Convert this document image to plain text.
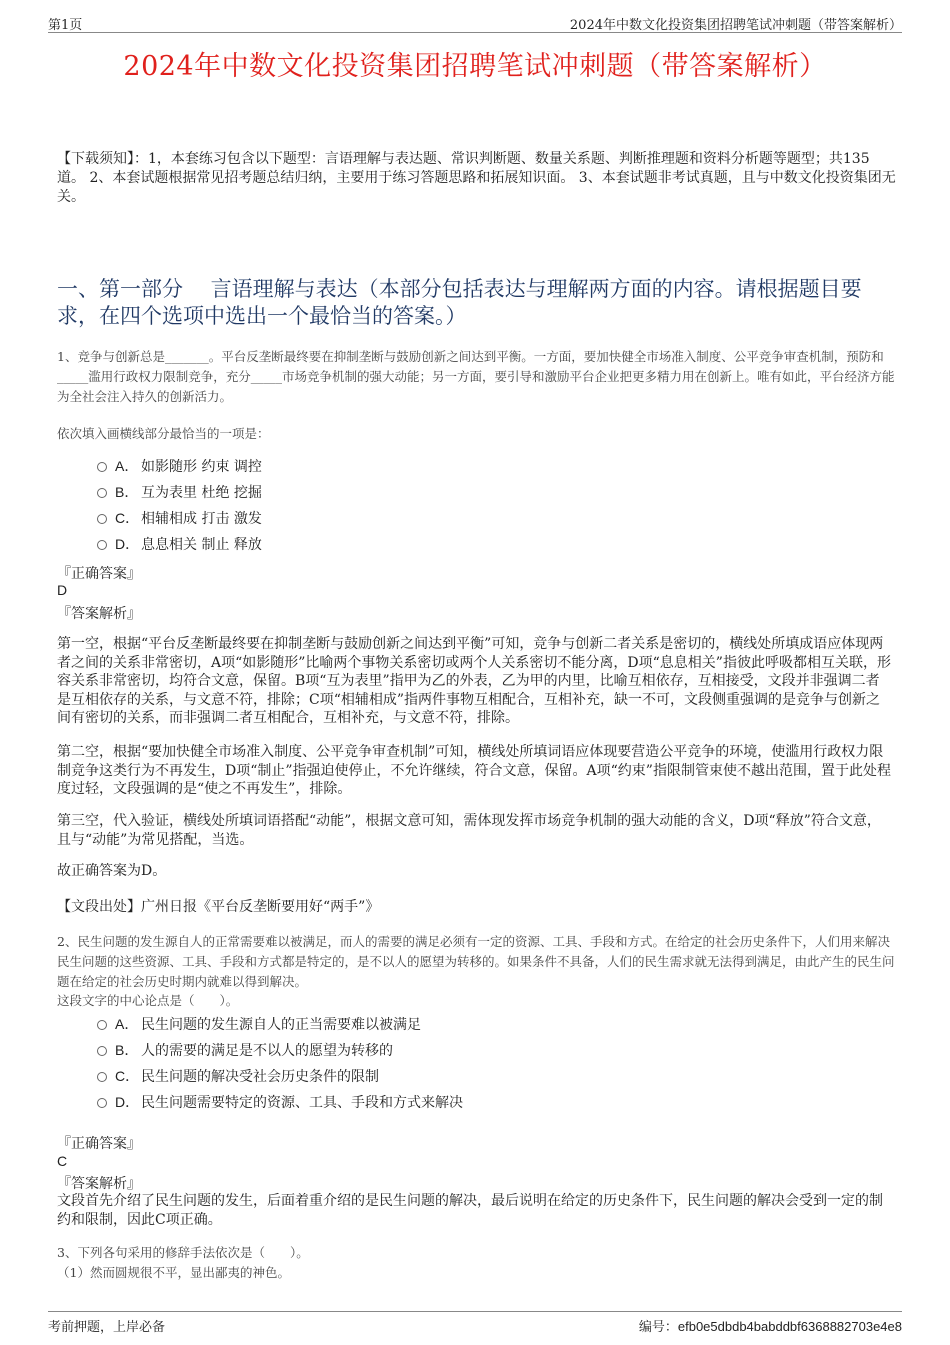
第1页	2024年中数文化投资集团招聘笔试冲刺题（带答案解析）
2024年中数文化投资集团招聘笔试冲刺题（带答案解析）
【下载须知】：1，本套练习包含以下题型：言语理解与表达题、常识判断题、数量关系题、判断推理题和资料分析题等题型；共135道。 2、本套试题根据常见招考题总结归纳，主要用于练习答题思路和拓展知识面。 3、本套试题非考试真题，且与中数文化投资集团无关。
一、第一部分　 言语理解与表达（本部分包括表达与理解两方面的内容。请根据题目要求，在四个选项中选出一个最恰当的答案。）
1、竞争与创新总是_______。平台反垄断最终要在抑制垄断与鼓励创新之间达到平衡。一方面，要加快健全市场准入制度、公平竞争审查机制，预防和_____滥用行政权力限制竞争，充分_____市场竞争机制的强大动能；另一方面，要引导和激励平台企业把更多精力用在创新上。唯有如此，平台经济方能为全社会注入持久的创新活力。
依次填入画横线部分最恰当的一项是：
A． 如影随形 约束 调控
B． 互为表里 杜绝 挖掘
C． 相辅相成 打击 激发
D． 息息相关 制止 释放
『正确答案』
D
『答案解析』
第一空，根据“平台反垄断最终要在抑制垄断与鼓励创新之间达到平衡”可知，竞争与创新二者关系是密切的，横线处所填成语应体现两者之间的关系非常密切，A项“如影随形”比喻两个事物关系密切或两个人关系密切不能分离，D项“息息相关”指彼此呼吸都相互关联，形容关系非常密切，均符合文意，保留。B项“互为表里”指甲为乙的外表，乙为甲的内里，比喻互相依存，互相接受，文段并非强调二者是互相依存的关系，与文意不符，排除；C项“相辅相成”指两件事物互相配合，互相补充，缺一不可，文段侧重强调的是竞争与创新之间有密切的关系，而非强调二者互相配合，互相补充，与文意不符，排除。
第二空，根据“要加快健全市场准入制度、公平竞争审查机制”可知，横线处所填词语应体现要营造公平竞争的环境，使滥用行政权力限制竞争这类行为不再发生，D项“制止”指强迫使停止，不允许继续，符合文意，保留。A项“约束”指限制管束使不越出范围，置于此处程度过轻，文段强调的是“使之不再发生”，排除。
第三空，代入验证，横线处所填词语搭配“动能”，根据文意可知，需体现发挥市场竞争机制的强大动能的含义，D项“释放”符合文意，且与“动能”为常见搭配，当选。
故正确答案为D。
【文段出处】广州日报《平台反垄断要用好“两手”》
2、民生问题的发生源自人的正常需要难以被满足，而人的需要的满足必须有一定的资源、工具、手段和方式。在给定的社会历史条件下，人们用来解决民生问题的这些资源、工具、手段和方式都是特定的，是不以人的愿望为转移的。如果条件不具备，人们的民生需求就无法得到满足，由此产生的民生问题在给定的社会历史时期内就难以得到解决。
这段文字的中心论点是（　　）。
A． 民生问题的发生源自人的正当需要难以被满足
B． 人的需要的满足是不以人的愿望为转移的
C． 民生问题的解决受社会历史条件的限制
D． 民生问题需要特定的资源、工具、手段和方式来解决
『正确答案』
C
『答案解析』
文段首先介绍了民生问题的发生，后面着重介绍的是民生问题的解决，最后说明在给定的历史条件下，民生问题的解决会受到一定的制约和限制，因此C项正确。
3、下列各句采用的修辞手法依次是（　　）。
（1）然而圆规很不平，显出鄙夷的神色。
考前押题，上岸必备	编号：efb0e5dbdb4babddbf6368882703e4e8
